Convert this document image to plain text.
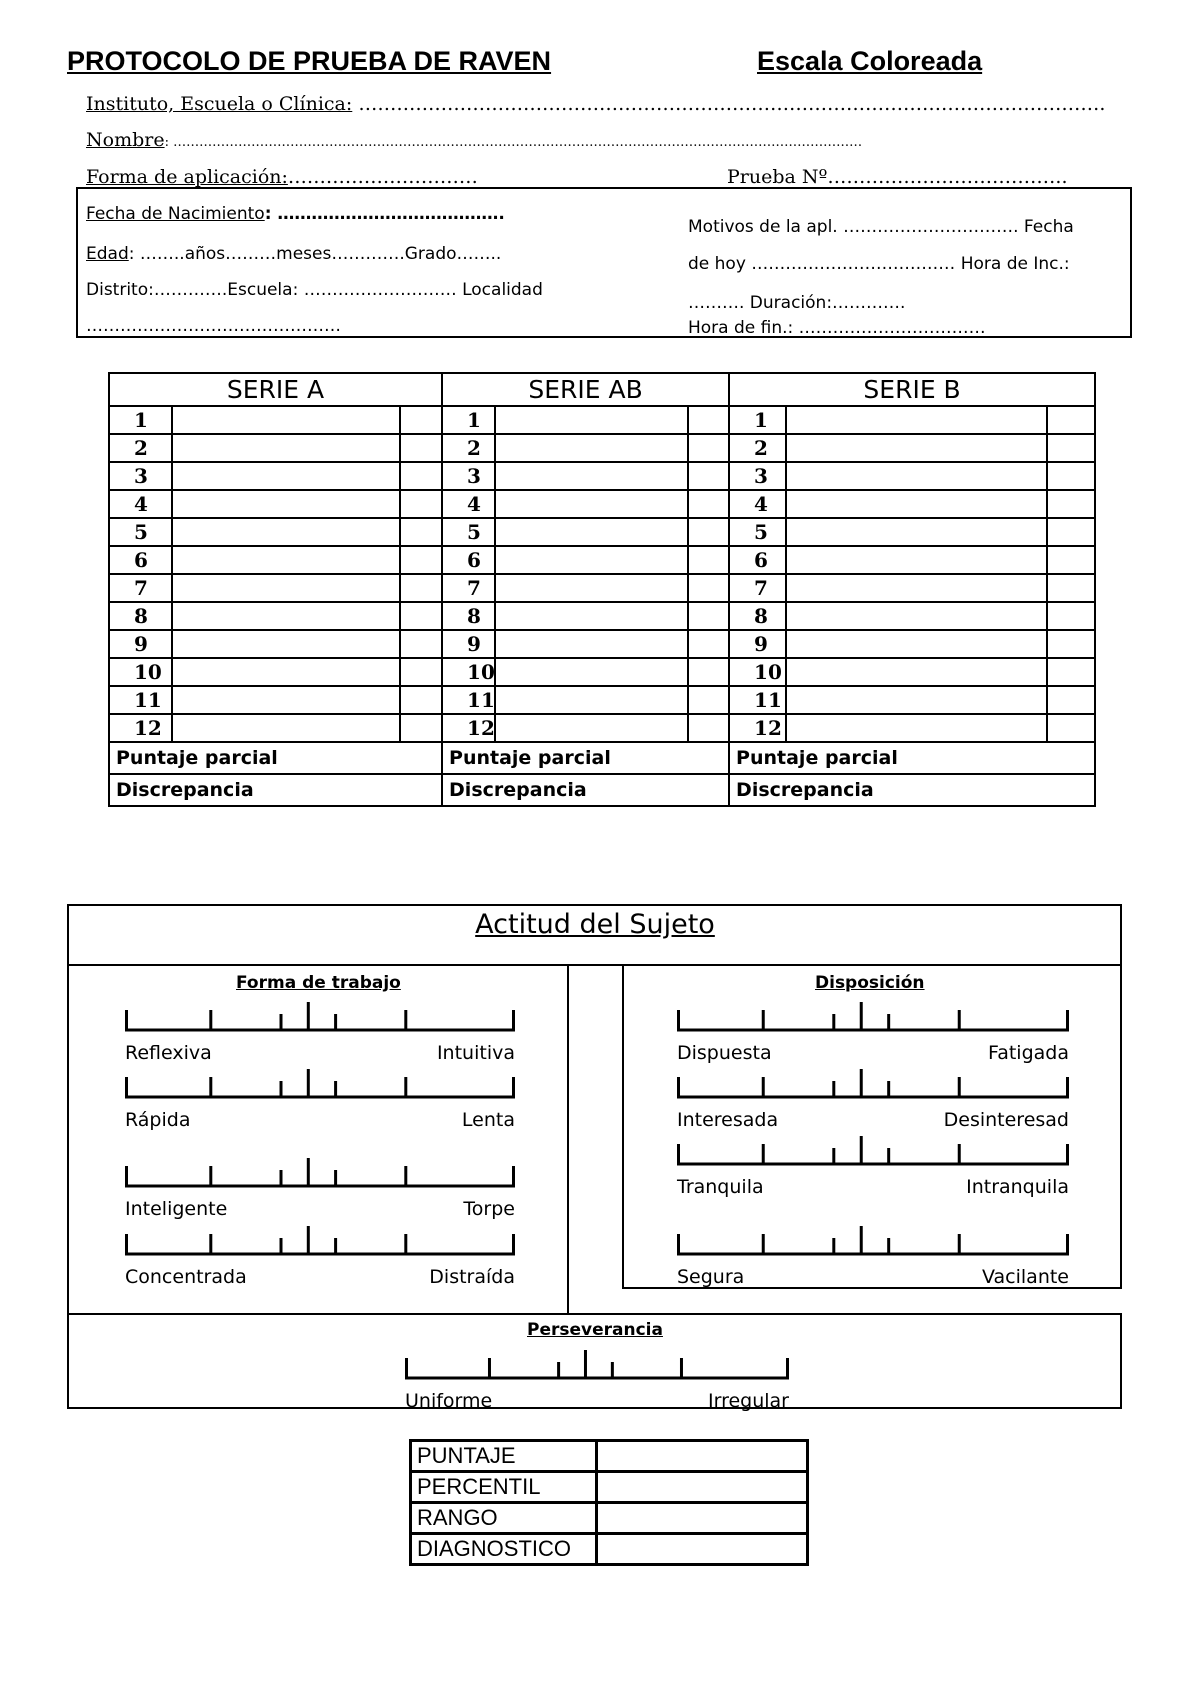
PROTOCOLO DE PRUEBA DE RAVEN	Escala Coloreada
Instituto, Escuela o Clínica: ……………………………………………………………………………………………………….
Nombre: ……………………………………………………………………………………………………………………………………………
Forma de aplicación:…………………………	Prueba Nº………………………………..
Fecha de Nacimiento: ………………………………….
Edad: ……..años………meses………….Grado……..
Distrito:………….Escuela: ……………………… Localidad
………………………………………
Motivos de la apl. …………………………. Fecha
de hoy ……………………………… Hora de Inc.:
………. Duración:………….
Hora de fin.: ……………………………
SERIE A			SERIE AB			SERIE B		
1			1			1		
2			2			2		
3			3			3		
4			4			4		
5			5			5		
6			6			6		
7			7			7		
8			8			8		
9			9			9		
10			10			10		
11			11			11		
12			12			12		
Puntaje parcial			Puntaje parcial			Puntaje parcial		
Discrepancia			Discrepancia			Discrepancia		
Actitud del Sujeto
Forma de trabajo	Disposición
Perseverancia
Reflexiva	Intuitiva
Rápida	Lenta
Inteligente	Torpe
Concentrada	Distraída
Dispuesta	Fatigada
Interesada	Desinteresad
Tranquila	Intranquila
Segura	Vacilante
Uniforme	Irregular
PUNTAJE	
PERCENTIL	
RANGO	
DIAGNOSTICO	
